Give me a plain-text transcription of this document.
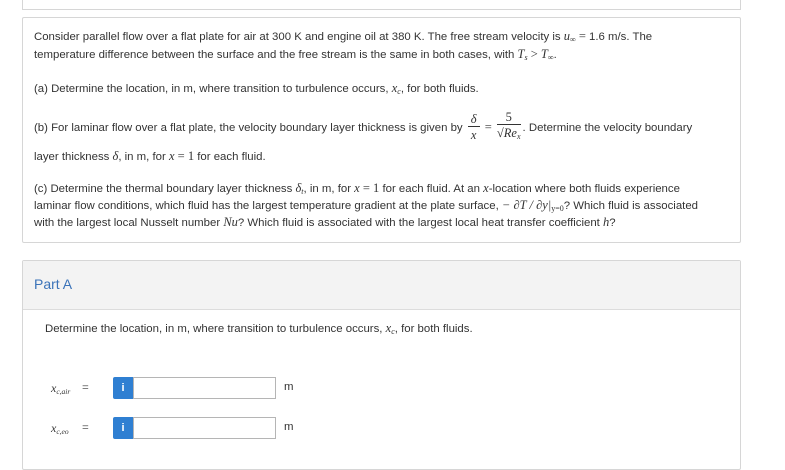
Consider parallel flow over a flat plate for air at 300 K and engine oil at 380 K. The free stream velocity is $u_\infty = 1.6$ m/s. The
temperature difference between the surface and the free stream is the same in both cases, with $T_s > T_\infty$.
(a) Determine the location, in m, where transition to turbulence occurs, $x_c$, for both fluids.
(b) For laminar flow over a flat plate, the velocity boundary layer thickness is given by $\frac{\delta}{x} = \frac{5}{√Re_x}$ . Determine the velocity boundary
layer thickness δ, in m, for x = 1 for each fluid.
(c) Determine the thermal boundary layer thickness $\delta_t$, in m, for x = 1 for each fluid. At an x-location where both fluids experience
laminar flow conditions, which fluid has the largest temperature gradient at the plate surface, − $\partial T / \partial y|_{y=0}$? Which fluid is associated
with the largest local Nusselt number Nu? Which fluid is associated with the largest local heat transfer coefficient h?
Part A
Determine the location, in m, where transition to turbulence occurs, $x_c$, for both fluids.
$x_{c,air}$ =	i	m
$x_{c,eo}$ =	i	m
